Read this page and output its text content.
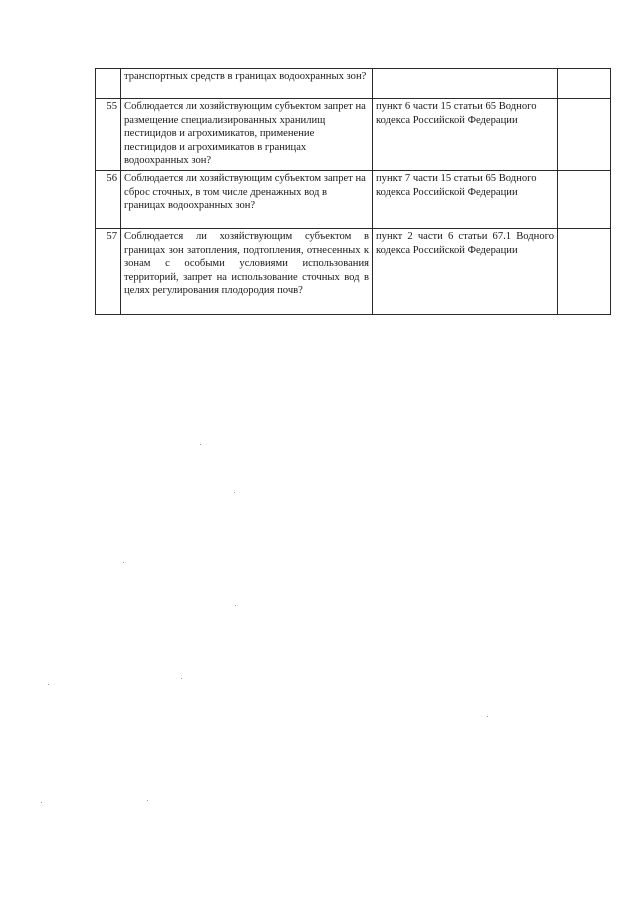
	транспортных средств в границах водоохранных зон?		
55	Соблюдается ли хозяйствующим субъектом запрет на размещение специализированных хранилищ пестицидов и агрохимикатов, применение пестицидов и агрохимикатов в границах водоохранных зон?	пункт 6 части 15 статьи 65 Водного кодекса Российской Федерации	
56	Соблюдается ли хозяйствующим субъектом запрет на сброс сточных, в том числе дренажных вод в границах водоохранных зон?	пункт 7 части 15 статьи 65 Водного кодекса Российской Федерации	
57	Соблюдается ли хозяйствующим субъектом в границах зон затопления, подтопления, отнесенных к зонам с особыми условиями использования территорий, запрет на использование сточных вод в целях регулирования плодородия почв?	пункт 2 части 6 статьи 67.1 Водного кодекса Российской Федерации	
